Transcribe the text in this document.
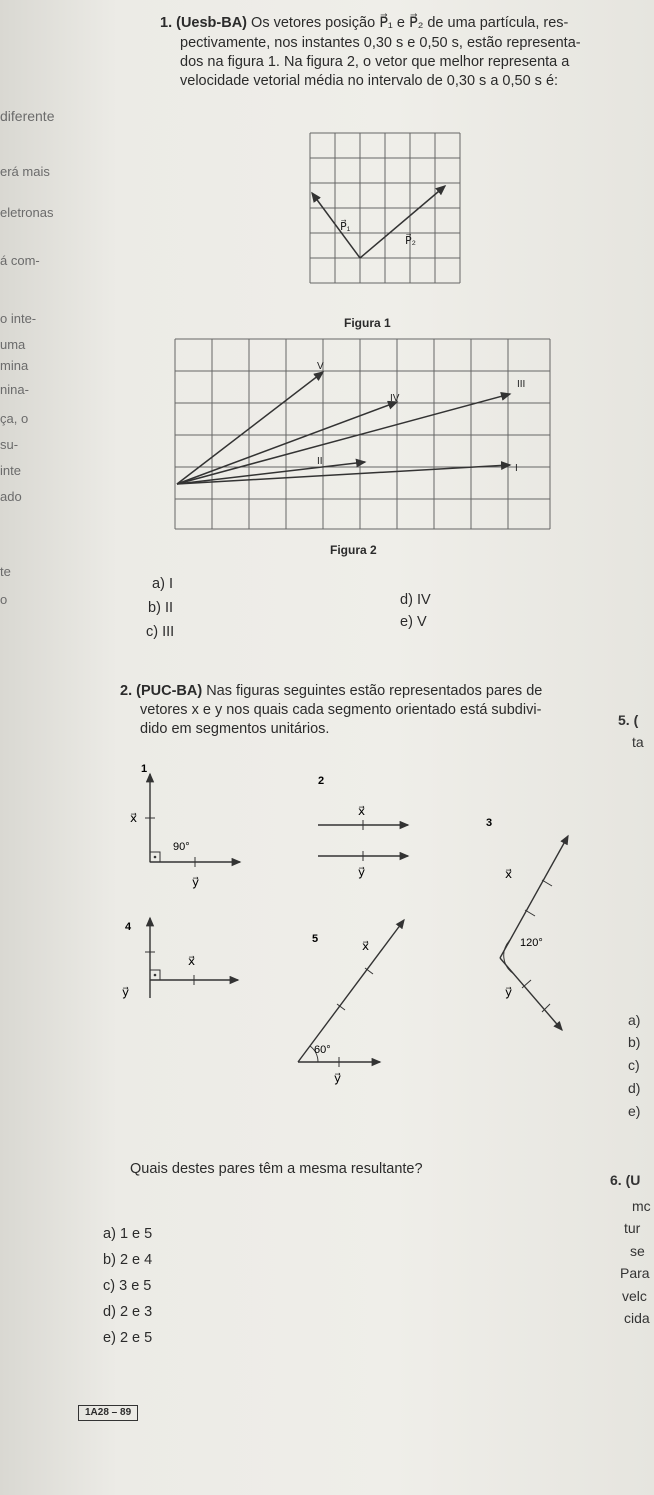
erá mais
diferente
eletronas
á com-
o inte-
uma
mina
nina-
ça, o
su-
inte
ado
te
o
5. (
ta
a)
b)
c)
d)
e)
6. (U
mc
tur
se
Para
velc
cida
1. (Uesb-BA) Os vetores posição P⃗₁ e P⃗₂ de uma partícula, res-
pectivamente, nos instantes 0,30 s e 0,50 s, estão representa-
dos na figura 1. Na figura 2, o vetor que melhor representa a
velocidade vetorial média no intervalo de 0,30 s a 0,50 s é:
P⃗₁
P⃗₂
Figura 1
I
II
III
IV
V
Figura 2
a) I
b) II
c) III
d) IV
e) V
2. (PUC-BA) Nas figuras seguintes estão representados pares de
vetores x e y nos quais cada segmento orientado está subdivi-
dido em segmentos unitários.
1
x⃗
90°
y⃗
2
x⃗
y⃗
3
x⃗
y⃗
120°
4
x⃗
y⃗
5	x⃗
y⃗
60°
Quais destes pares têm a mesma resultante?
a) 1 e 5
b) 2 e 4
c) 3 e 5
d) 2 e 3
e) 2 e 5
1A28 – 89
